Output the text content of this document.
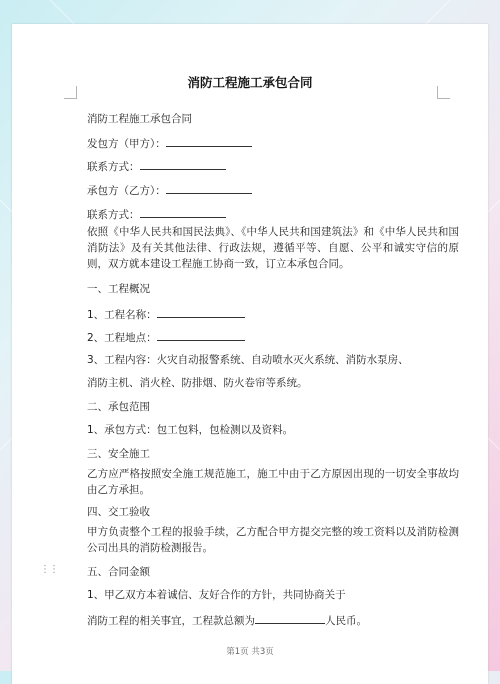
消防工程施工承包合同
消防工程施工承包合同
发包方（甲方）：
联系方式：
承包方（乙方）：
联系方式：
依照《中华人民共和国民法典》、《中华人民共和国建筑法》和《中华人民共和国消防法》及有关其他法律、行政法规，遵循平等、自愿、公平和诚实守信的原则，双方就本建设工程施工协商一致，订立本承包合同。
一、工程概况
1、工程名称：
2、工程地点：
3、工程内容：火灾自动报警系统、自动喷水灭火系统、消防水泵房、
消防主机、消火栓、防排烟、防火卷帘等系统。
二、承包范围
1、承包方式：包工包料，包检测以及资料。
三、安全施工
乙方应严格按照安全施工规范施工，施工中由于乙方原因出现的一切安全事故均由乙方承担。
四、交工验收
甲方负责整个工程的报验手续，乙方配合甲方提交完整的竣工资料以及消防检测公司出具的消防检测报告。
五、合同金额
1、甲乙双方本着诚信、友好合作的方针，共同协商关于
消防工程的相关事宜，工程款总额为	人民币。
第1页 共3页
⋮⋮
